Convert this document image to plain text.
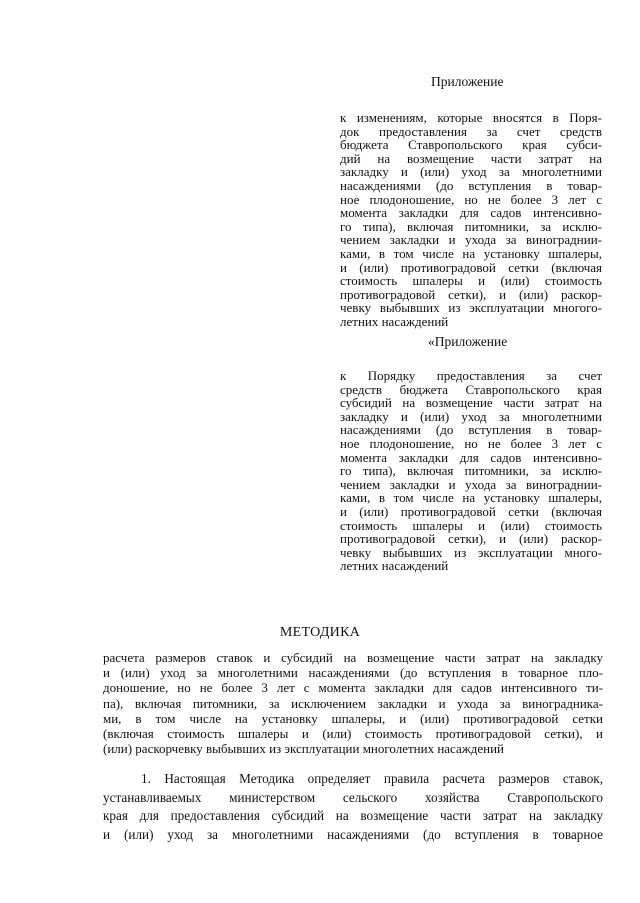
Приложение
к изменениям, которые вносятся в Поря-
док предоставления за счет средств
бюджета Ставропольского края субси-
дий на возмещение части затрат на
закладку и (или) уход за многолетними
насаждениями (до вступления в товар-
ное плодоношение, но не более 3 лет с
момента закладки для садов интенсивно-
го типа), включая питомники, за исклю-
чением закладки и ухода за винограднии-
ками, в том числе на установку шпалеры,
и (или) противоградовой сетки (включая
стоимость шпалеры и (или) стоимость
противоградовой сетки), и (или) раскор-
чевку выбывших из эксплуатации многого-
летних насаждений
«Приложение
к Порядку предоставления за счет
средств бюджета Ставропольского края
субсидий на возмещение части затрат на
закладку и (или) уход за многолетними
насаждениями (до вступления в товар-
ное плодоношение, но не более 3 лет с
момента закладки для садов интенсивно-
го типа), включая питомники, за исклю-
чением закладки и ухода за винограднии-
ками, в том числе на установку шпалеры,
и (или) противоградовой сетки (включая
стоимость шпалеры и (или) стоимость
противоградовой сетки), и (или) раскор-
чевку выбывших из эксплуатации много-
летних насаждений
МЕТОДИКА
расчета размеров ставок и субсидий на возмещение части затрат на закладку
и (или) уход за многолетними насаждениями (до вступления в товарное пло-
доношение, но не более 3 лет с момента закладки для садов интенсивного ти-
па), включая питомники, за исключением закладки и ухода за виноградника-
ми, в том числе на установку шпалеры, и (или) противоградовой сетки
(включая стоимость шпалеры и (или) стоимость противоградовой сетки), и
(или) раскорчевку выбывших из эксплуатации многолетних насаждений
1. Настоящая Методика определяет правила расчета размеров ставок,
устанавливаемых министерством сельского хозяйства Ставропольского
края для предоставления субсидий на возмещение части затрат на закладку
и (или) уход за многолетними насаждениями (до вступления в товарное
